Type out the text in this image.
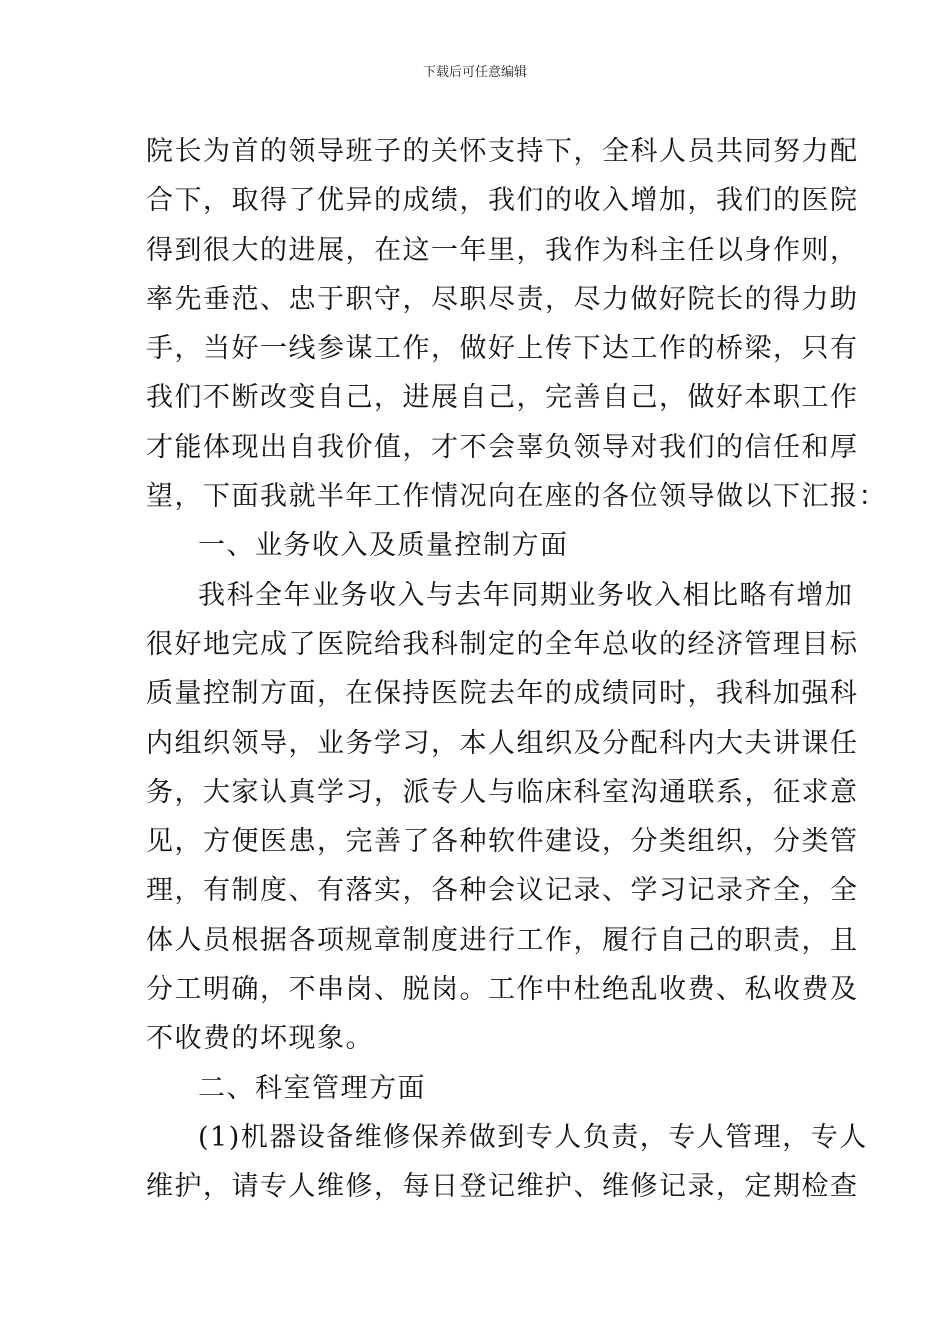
下载后可任意编辑
院长为首的领导班子的关怀支持下，全科人员共同努力配
合下，取得了优异的成绩，我们的收入增加，我们的医院
得到很大的进展，在这一年里，我作为科主任以身作则，
率先垂范、忠于职守，尽职尽责，尽力做好院长的得力助
手，当好一线参谋工作，做好上传下达工作的桥梁，只有
我们不断改变自己，进展自己，完善自己，做好本职工作
才能体现出自我价值，才不会辜负领导对我们的信任和厚
望，下面我就半年工作情况向在座的各位领导做以下汇报：
一、业务收入及质量控制方面
我科全年业务收入与去年同期业务收入相比略有增加
很好地完成了医院给我科制定的全年总收的经济管理目标
质量控制方面，在保持医院去年的成绩同时，我科加强科
内组织领导，业务学习，本人组织及分配科内大夫讲课任
务，大家认真学习，派专人与临床科室沟通联系，征求意
见，方便医患，完善了各种软件建设，分类组织，分类管
理，有制度、有落实，各种会议记录、学习记录齐全，全
体人员根据各项规章制度进行工作，履行自己的职责，且
分工明确，不串岗、脱岗。工作中杜绝乱收费、私收费及
不收费的坏现象。
二、科室管理方面
(1)机器设备维修保养做到专人负责，专人管理，专人
维护，请专人维修，每日登记维护、维修记录，定期检查
